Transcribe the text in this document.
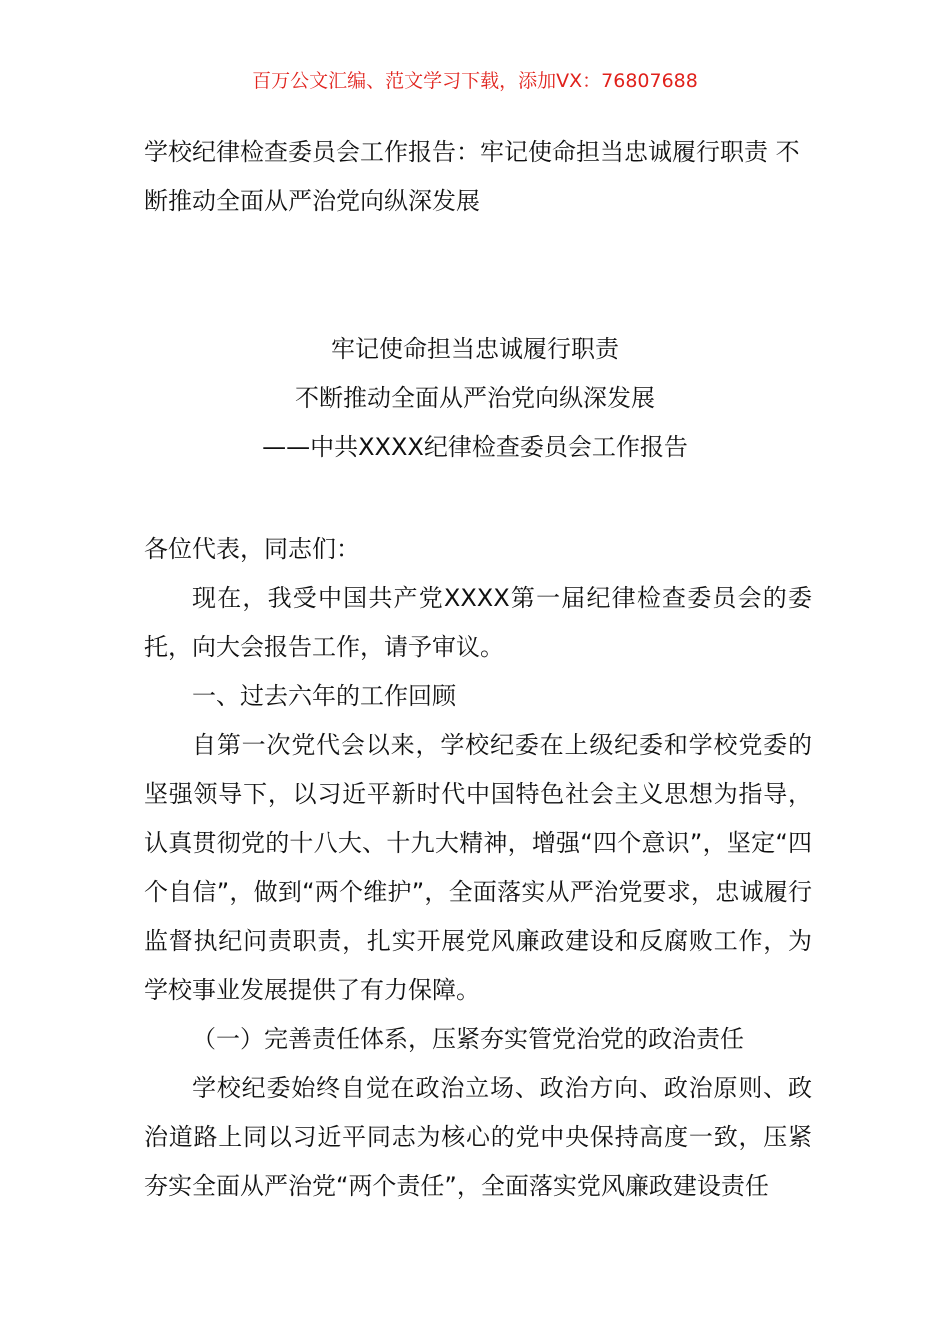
百万公文汇编、范文学习下载，添加VX：76807688
学校纪律检查委员会工作报告：牢记使命担当忠诚履行职责 不断推动全面从严治党向纵深发展
牢记使命担当忠诚履行职责
不断推动全面从严治党向纵深发展
——中共XXXX纪律检查委员会工作报告

各位代表，同志们：

现在，我受中国共产党XXXX第一届纪律检查委员会的委托，向大会报告工作，请予审议。

一、过去六年的工作回顾

自第一次党代会以来，学校纪委在上级纪委和学校党委的坚强领导下，以习近平新时代中国特色社会主义思想为指导，认真贯彻党的十八大、十九大精神，增强“四个意识”，坚定“四个自信”，做到“两个维护”，全面落实从严治党要求，忠诚履行监督执纪问责职责，扎实开展党风廉政建设和反腐败工作，为学校事业发展提供了有力保障。

（一）完善责任体系，压紧夯实管党治党的政治责任

学校纪委始终自觉在政治立场、政治方向、政治原则、政治道路上同以习近平同志为核心的党中央保持高度一致，压紧夯实全面从严治党“两个责任”，全面落实党风廉政建设责任
